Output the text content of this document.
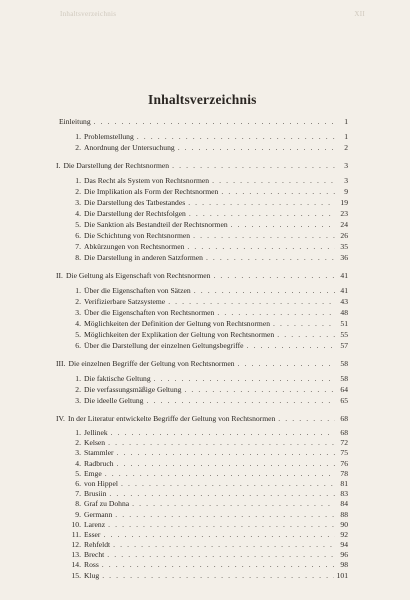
Inhaltsverzeichnis	XII
Inhaltsverzeichnis
Einleitung . . .	1
1. Problemstellung . . .	1
2. Anordnung der Untersuchung . . .	2
I. Die Darstellung der Rechtsnormen . . .	3
1. Das Recht als System von Rechtsnormen . . .	3
2. Die Implikation als Form der Rechtsnormen . . .	9
3. Die Darstellung des Tatbestandes . . .	19
4. Die Darstellung der Rechtsfolgen . . .	23
5. Die Sanktion als Bestandteil der Rechtsnormen . . .	24
6. Die Schichtung von Rechtsnormen . . .	26
7. Abkürzungen von Rechtsnormen . . .	35
8. Die Darstellung in anderen Satzformen . . .	36
II. Die Geltung als Eigenschaft von Rechtsnormen . . .	41
1. Über die Eigenschaften von Sätzen . . .	41
2. Verifizierbare Satzsysteme . . .	43
3. Über die Eigenschaften von Rechtsnormen . . .	48
4. Möglichkeiten der Definition der Geltung von Rechtsnormen . . .	51
5. Möglichkeiten der Explikation der Geltung von Rechtsnormen . . .	55
6. Über die Darstellung der einzelnen Geltungsbegriffe . . .	57
III. Die einzelnen Begriffe der Geltung von Rechtsnormen . . .	58
1. Die faktische Geltung . . .	58
2. Die verfassungsmäßige Geltung . . .	64
3. Die ideelle Geltung . . .	65
IV. In der Literatur entwickelte Begriffe der Geltung von Rechtsnormen . . .	68
1. Jellinek . . .	68
2. Kelsen . . .	72
3. Stammler . . .	75
4. Radbruch . . .	76
5. Emge . . .	78
6. von Hippel . . .	81
7. Brusiin . . .	83
8. Graf zu Dohna . . .	84
9. Germann . . .	88
10. Larenz . . .	90
11. Esser . . .	92
12. Rehfeldt . . .	94
13. Brecht . . .	96
14. Ross . . .	98
15. Klug . . .	101
